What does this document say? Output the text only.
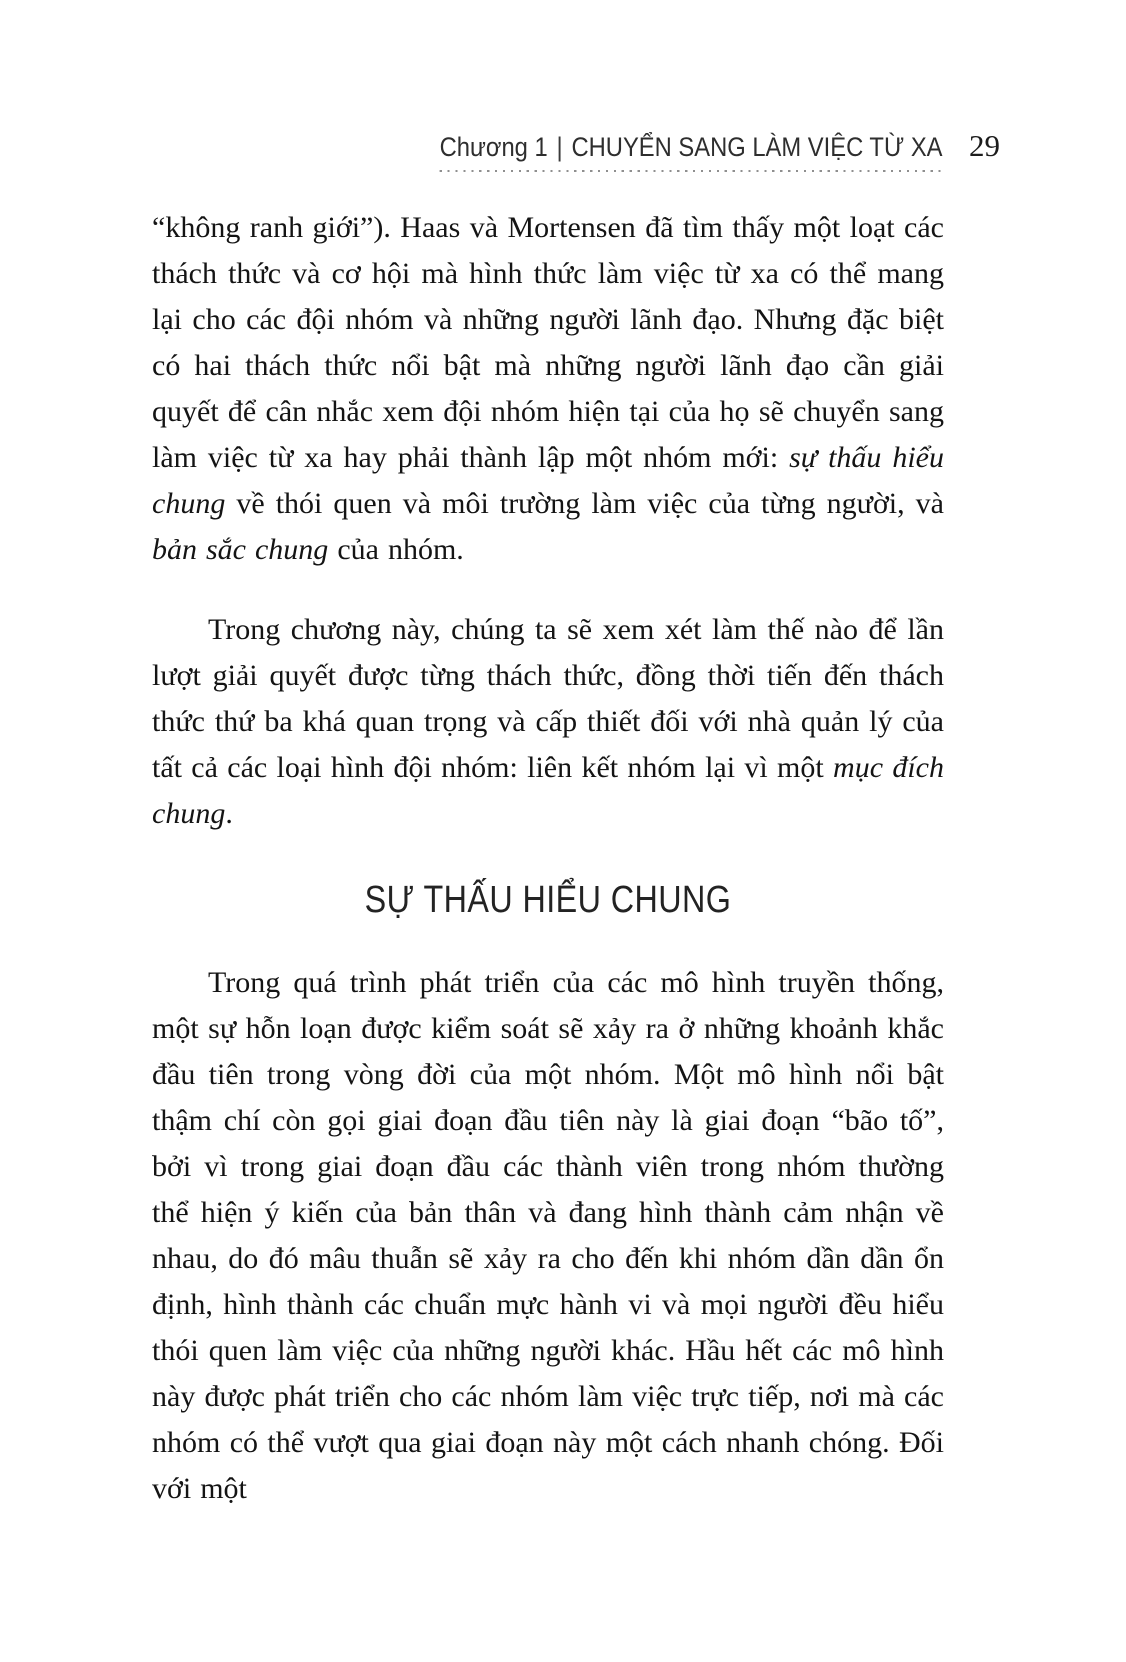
Chương 1 | CHUYỂN SANG LÀM VIỆC TỪ XA 29

“không ranh giới”). Haas và Mortensen đã tìm thấy một loạt các thách thức và cơ hội mà hình thức làm việc từ xa có thể mang lại cho các đội nhóm và những người lãnh đạo. Nhưng đặc biệt có hai thách thức nổi bật mà những người lãnh đạo cần giải quyết để cân nhắc xem đội nhóm hiện tại của họ sẽ chuyển sang làm việc từ xa hay phải thành lập một nhóm mới: sự thấu hiểu chung về thói quen và môi trường làm việc của từng người, và bản sắc chung của nhóm.

Trong chương này, chúng ta sẽ xem xét làm thế nào để lần lượt giải quyết được từng thách thức, đồng thời tiến đến thách thức thứ ba khá quan trọng và cấp thiết đối với nhà quản lý của tất cả các loại hình đội nhóm: liên kết nhóm lại vì một mục đích chung.

SỰ THẤU HIỂU CHUNG

Trong quá trình phát triển của các mô hình truyền thống, một sự hỗn loạn được kiểm soát sẽ xảy ra ở những khoảnh khắc đầu tiên trong vòng đời của một nhóm. Một mô hình nổi bật thậm chí còn gọi giai đoạn đầu tiên này là giai đoạn “bão tố”, bởi vì trong giai đoạn đầu các thành viên trong nhóm thường thể hiện ý kiến của bản thân và đang hình thành cảm nhận về nhau, do đó mâu thuẫn sẽ xảy ra cho đến khi nhóm dần dần ổn định, hình thành các chuẩn mực hành vi và mọi người đều hiểu thói quen làm việc của những người khác. Hầu hết các mô hình này được phát triển cho các nhóm làm việc trực tiếp, nơi mà các nhóm có thể vượt qua giai đoạn này một cách nhanh chóng. Đối với một
